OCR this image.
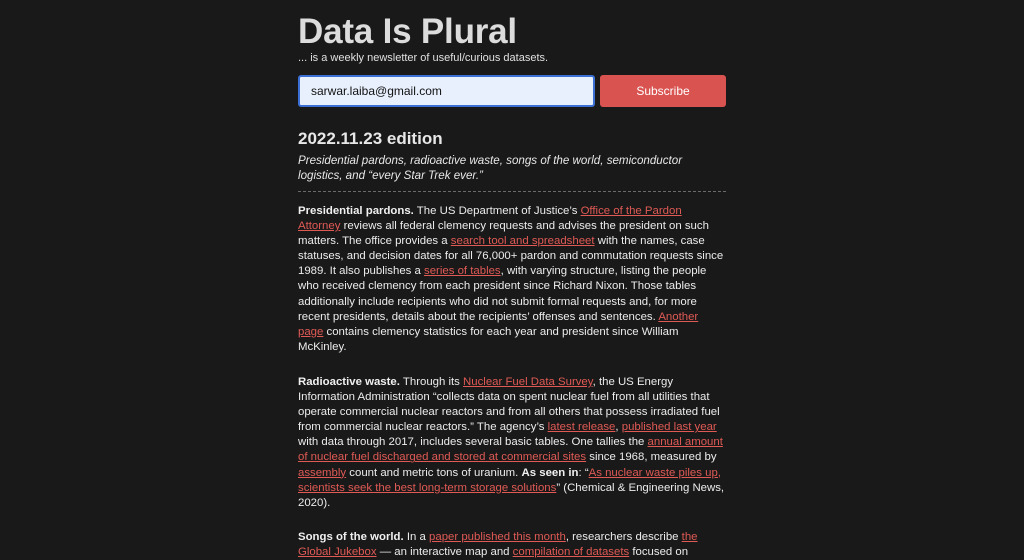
Data Is Plural
... is a weekly newsletter of useful/curious datasets.
sarwar.laiba@gmail.com
Subscribe
2022.11.23 edition

Presidential pardons, radioactive waste, songs of the world, semiconductor logistics, and “every Star Trek ever.”

Presidential pardons. The US Department of Justice’s Office of the Pardon Attorney reviews all federal clemency requests and advises the president on such matters. The office provides a search tool and spreadsheet with the names, case statuses, and decision dates for all 76,000+ pardon and commutation requests since 1989. It also publishes a series of tables, with varying structure, listing the people who received clemency from each president since Richard Nixon. Those tables additionally include recipients who did not submit formal requests and, for more recent presidents, details about the recipients’ offenses and sentences. Another page contains clemency statistics for each year and president since William McKinley.

Radioactive waste. Through its Nuclear Fuel Data Survey, the US Energy Information Administration “collects data on spent nuclear fuel from all utilities that operate commercial nuclear reactors and from all others that possess irradiated fuel from commercial nuclear reactors.” The agency’s latest release, published last year with data through 2017, includes several basic tables. One tallies the annual amount of nuclear fuel discharged and stored at commercial sites since 1968, measured by assembly count and metric tons of uranium. As seen in: “As nuclear waste piles up, scientists seek the best long-term storage solutions” (Chemical & Engineering News, 2020).

Songs of the world. In a paper published this month, researchers describe the Global Jukebox — an interactive map and compilation of datasets focused on
